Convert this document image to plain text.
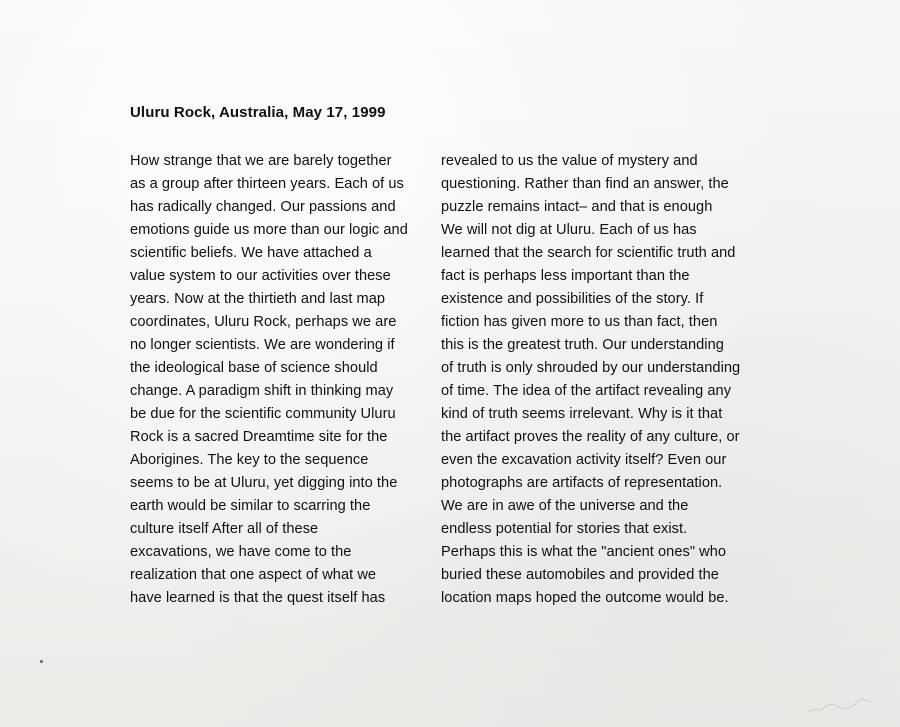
Uluru Rock, Australia, May 17, 1999
How strange that we are barely together
as a group after thirteen years. Each of us
has radically changed. Our passions and
emotions guide us more than our logic and
scientific beliefs. We have attached a
value system to our activities over these
years. Now at the thirtieth and last map
coordinates, Uluru Rock, perhaps we are
no longer scientists. We are wondering if
the ideological base of science should
change. A paradigm shift in thinking may
be due for the scientific community Uluru
Rock is a sacred Dreamtime site for the
Aborigines. The key to the sequence
seems to be at Uluru, yet digging into the
earth would be similar to scarring the
culture itself After all of these
excavations, we have come to the
realization that one aspect of what we
have learned is that the quest itself has
revealed to us the value of mystery and
questioning. Rather than find an answer, the
puzzle remains intact– and that is enough
We will not dig at Uluru. Each of us has
learned that the search for scientific truth and
fact is perhaps less important than the
existence and possibilities of the story. If
fiction has given more to us than fact, then
this is the greatest truth. Our understanding
of truth is only shrouded by our understanding
of time. The idea of the artifact revealing any
kind of truth seems irrelevant. Why is it that
the artifact proves the reality of any culture, or
even the excavation activity itself? Even our
photographs are artifacts of representation.
We are in awe of the universe and the
endless potential for stories that exist.
Perhaps this is what the "ancient ones" who
buried these automobiles and provided the
location maps hoped the outcome would be.
